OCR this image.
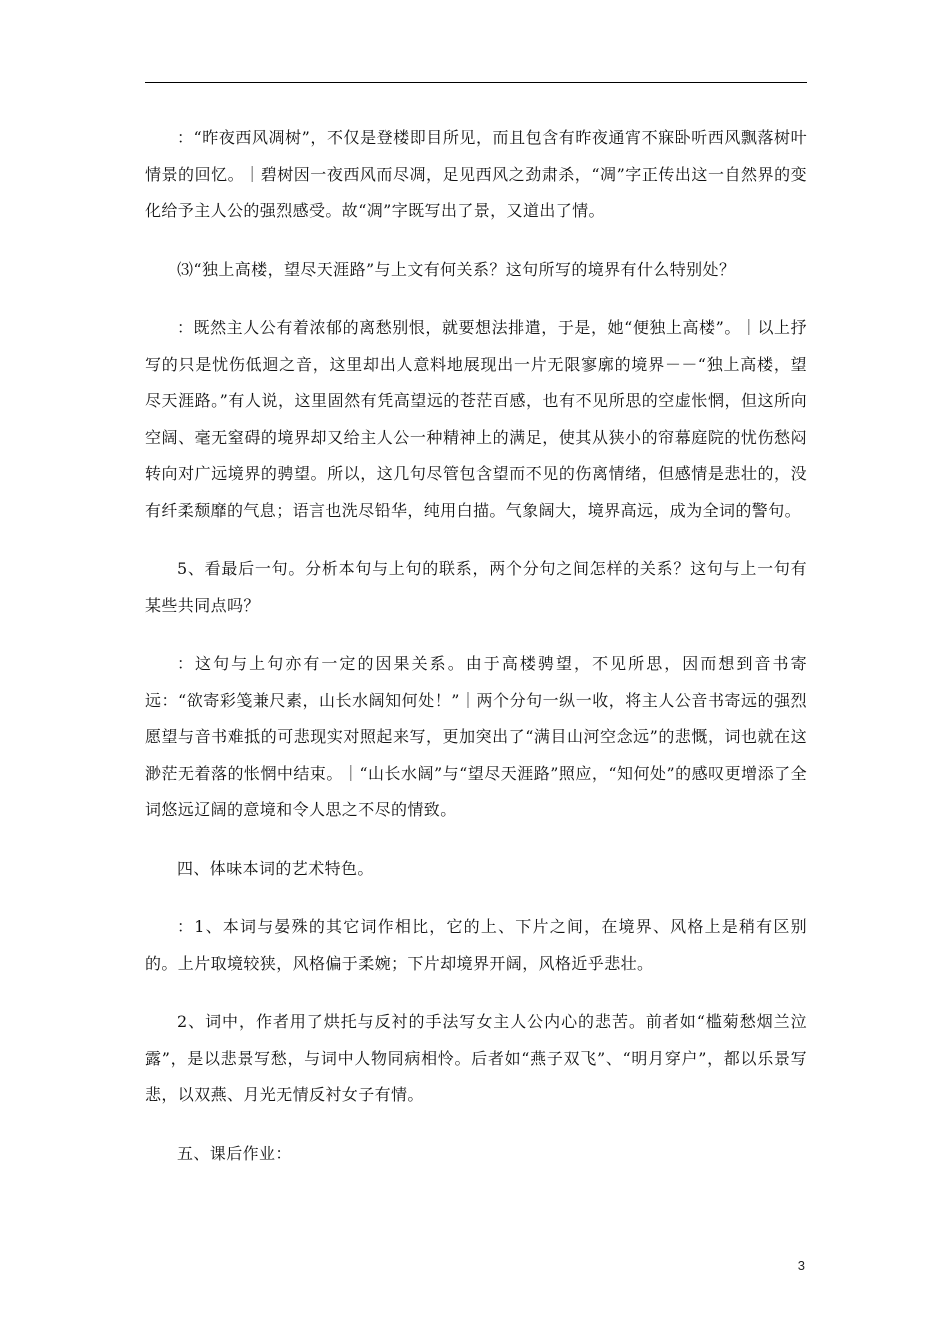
：“昨夜西风凋树”，不仅是登楼即目所见，而且包含有昨夜通宵不寐卧听西风飘落树叶情景的回忆。｜碧树因一夜西风而尽凋，足见西风之劲肃杀，“凋”字正传出这一自然界的变化给予主人公的强烈感受。故“凋”字既写出了景，又道出了情。

⑶“独上高楼，望尽天涯路”与上文有何关系？这句所写的境界有什么特别处？

：既然主人公有着浓郁的离愁别恨，就要想法排遣，于是，她“便独上高楼”。｜以上抒写的只是忧伤低迴之音，这里却出人意料地展现出一片无限寥廓的境界－－“独上高楼，望尽天涯路。”有人说，这里固然有凭高望远的苍茫百感，也有不见所思的空虚怅惘，但这所向空阔、毫无窒碍的境界却又给主人公一种精神上的满足，使其从狭小的帘幕庭院的忧伤愁闷转向对广远境界的骋望。所以，这几句尽管包含望而不见的伤离情绪，但感情是悲壮的，没有纤柔颓靡的气息；语言也洗尽铅华，纯用白描。气象阔大，境界高远，成为全词的警句。

5、看最后一句。分析本句与上句的联系，两个分句之间怎样的关系？这句与上一句有某些共同点吗？

：这句与上句亦有一定的因果关系。由于高楼骋望，不见所思，因而想到音书寄远：“欲寄彩笺兼尺素，山长水阔知何处！”｜两个分句一纵一收，将主人公音书寄远的强烈愿望与音书难抵的可悲现实对照起来写，更加突出了“满目山河空念远”的悲慨，词也就在这渺茫无着落的怅惘中结束。｜“山长水阔”与“望尽天涯路”照应，“知何处”的感叹更增添了全词悠远辽阔的意境和令人思之不尽的情致。

四、体味本词的艺术特色。

：1、本词与晏殊的其它词作相比，它的上、下片之间，在境界、风格上是稍有区别的。上片取境较狭，风格偏于柔婉；下片却境界开阔，风格近乎悲壮。

2、词中，作者用了烘托与反衬的手法写女主人公内心的悲苦。前者如“槛菊愁烟兰泣露”，是以悲景写愁，与词中人物同病相怜。后者如“燕子双飞”、“明月穿户”，都以乐景写悲，以双燕、月光无情反衬女子有情。

五、课后作业：

3
